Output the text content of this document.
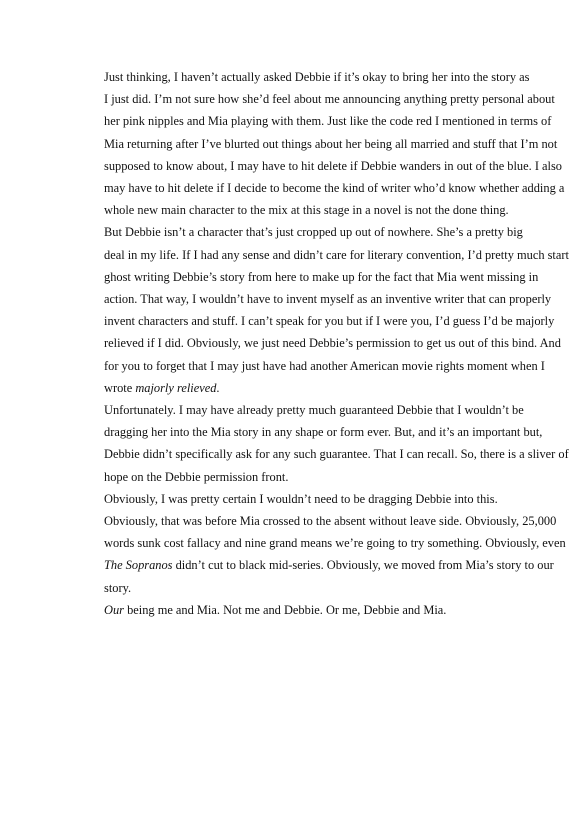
Just thinking, I haven’t actually asked Debbie if it’s okay to bring her into the story as
I just did. I’m not sure how she’d feel about me announcing anything pretty personal about
her pink nipples and Mia playing with them. Just like the code red I mentioned in terms of
Mia returning after I’ve blurted out things about her being all married and stuff that I’m not
supposed to know about, I may have to hit delete if Debbie wanders in out of the blue. I also
may have to hit delete if I decide to become the kind of writer who’d know whether adding a
whole new main character to the mix at this stage in a novel is not the done thing.

But Debbie isn’t a character that’s just cropped up out of nowhere. She’s a pretty big
deal in my life. If I had any sense and didn’t care for literary convention, I’d pretty much start
ghost writing Debbie’s story from here to make up for the fact that Mia went missing in
action. That way, I wouldn’t have to invent myself as an inventive writer that can properly
invent characters and stuff. I can’t speak for you but if I were you, I’d guess I’d be majorly
relieved if I did. Obviously, we just need Debbie’s permission to get us out of this bind. And
for you to forget that I may just have had another American movie rights moment when I
wrote majorly relieved.

Unfortunately. I may have already pretty much guaranteed Debbie that I wouldn’t be
dragging her into the Mia story in any shape or form ever. But, and it’s an important but,
Debbie didn’t specifically ask for any such guarantee. That I can recall. So, there is a sliver of
hope on the Debbie permission front.

Obviously, I was pretty certain I wouldn’t need to be dragging Debbie into this.
Obviously, that was before Mia crossed to the absent without leave side. Obviously, 25,000
words sunk cost fallacy and nine grand means we’re going to try something. Obviously, even
The Sopranos didn’t cut to black mid-series. Obviously, we moved from Mia’s story to our
story.

Our being me and Mia. Not me and Debbie. Or me, Debbie and Mia.
